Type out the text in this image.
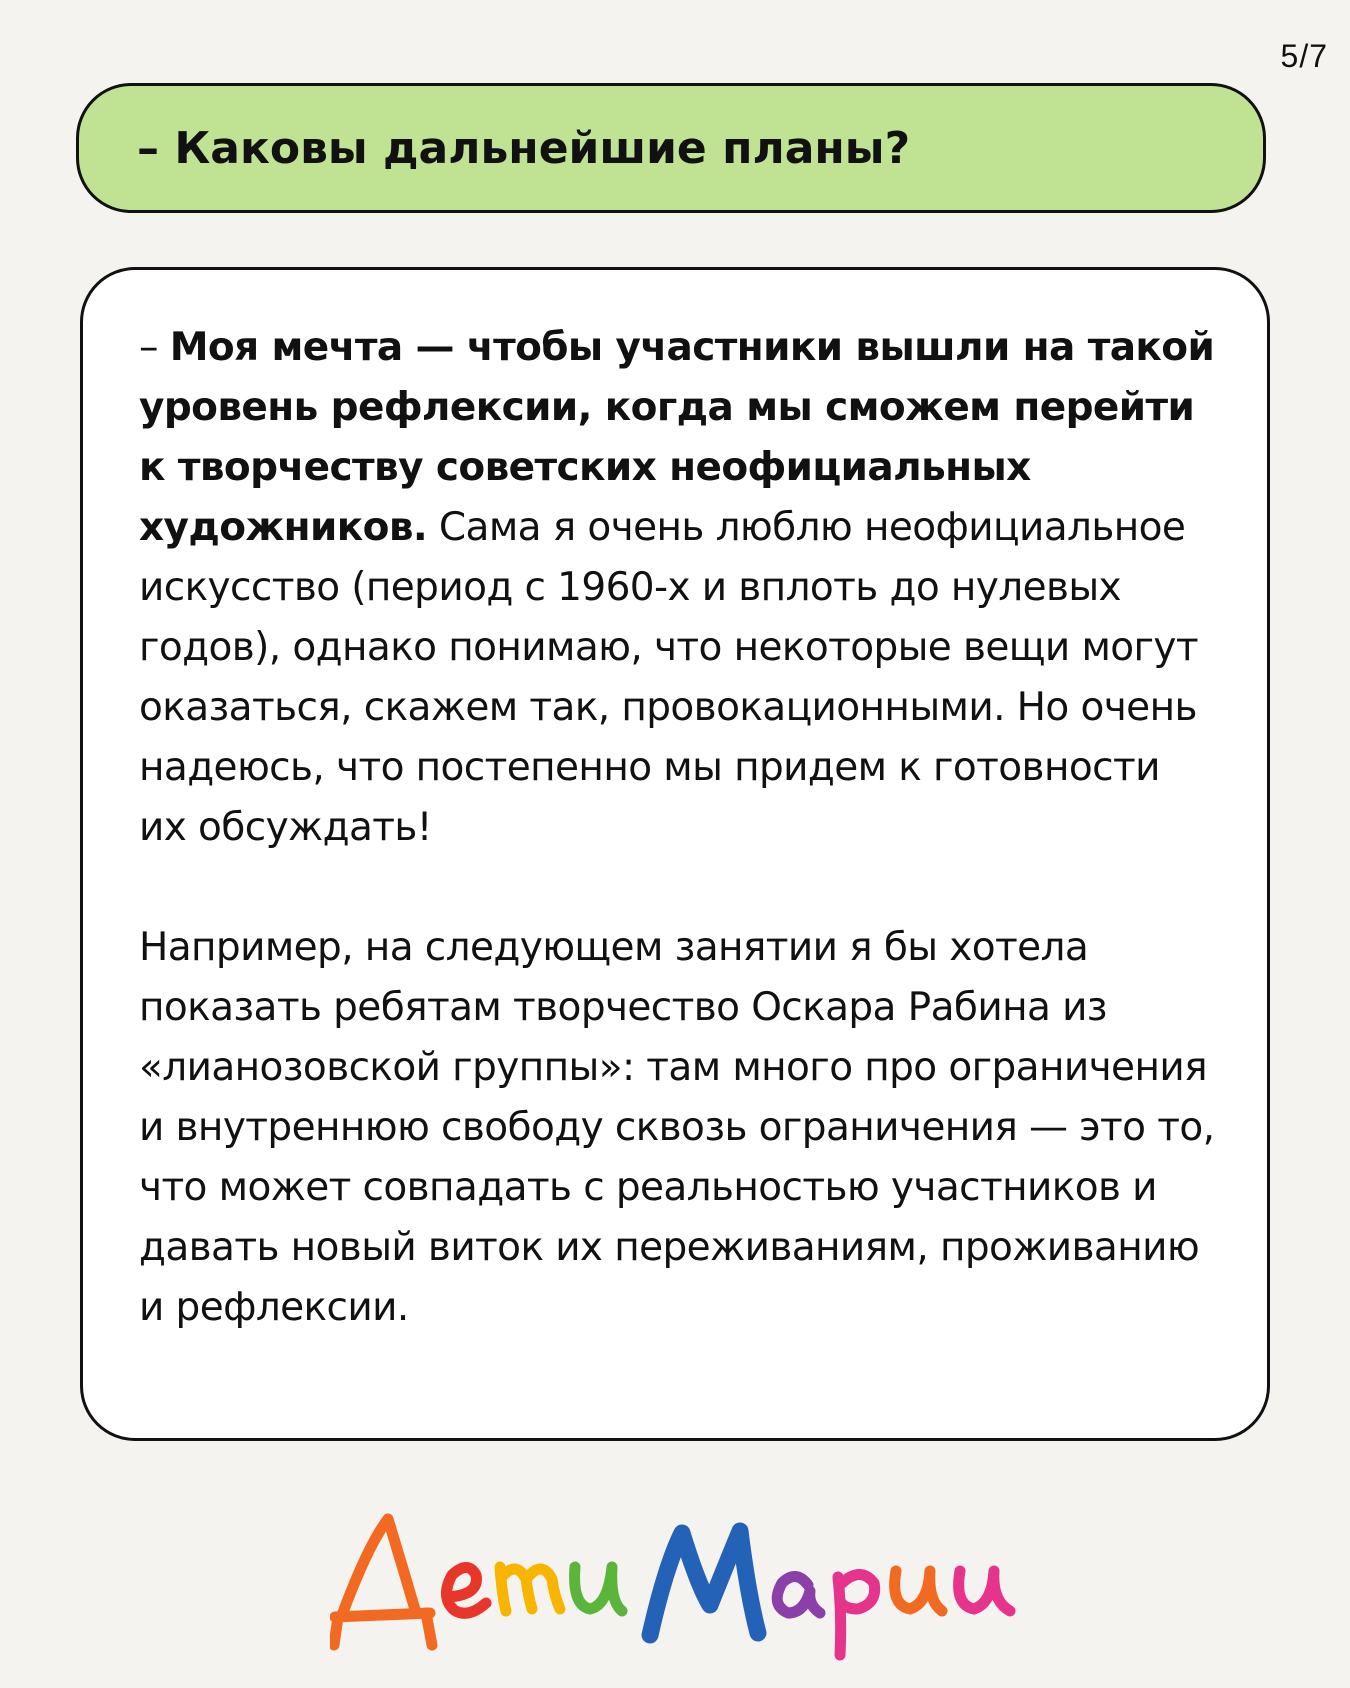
5/7
– Каковы дальнейшие планы?

– Моя мечта — чтобы участники вышли на такой уровень рефлексии, когда мы сможем перейти к творчеству советских неофициальных художников. Сама я очень люблю неофициальное искусство (период с 1960-х и вплоть до нулевых годов), однако понимаю, что некоторые вещи могут оказаться, скажем так, провокационными. Но очень надеюсь, что постепенно мы придем к готовности их обсуждать!

Например, на следующем занятии я бы хотела показать ребятам творчество Оскара Рабина из «лианозовской группы»: там много про ограничения и внутреннюю свободу сквозь ограничения — это то, что может совпадать с реальностью участников и давать новый виток их переживаниям, проживанию и рефлексии.
